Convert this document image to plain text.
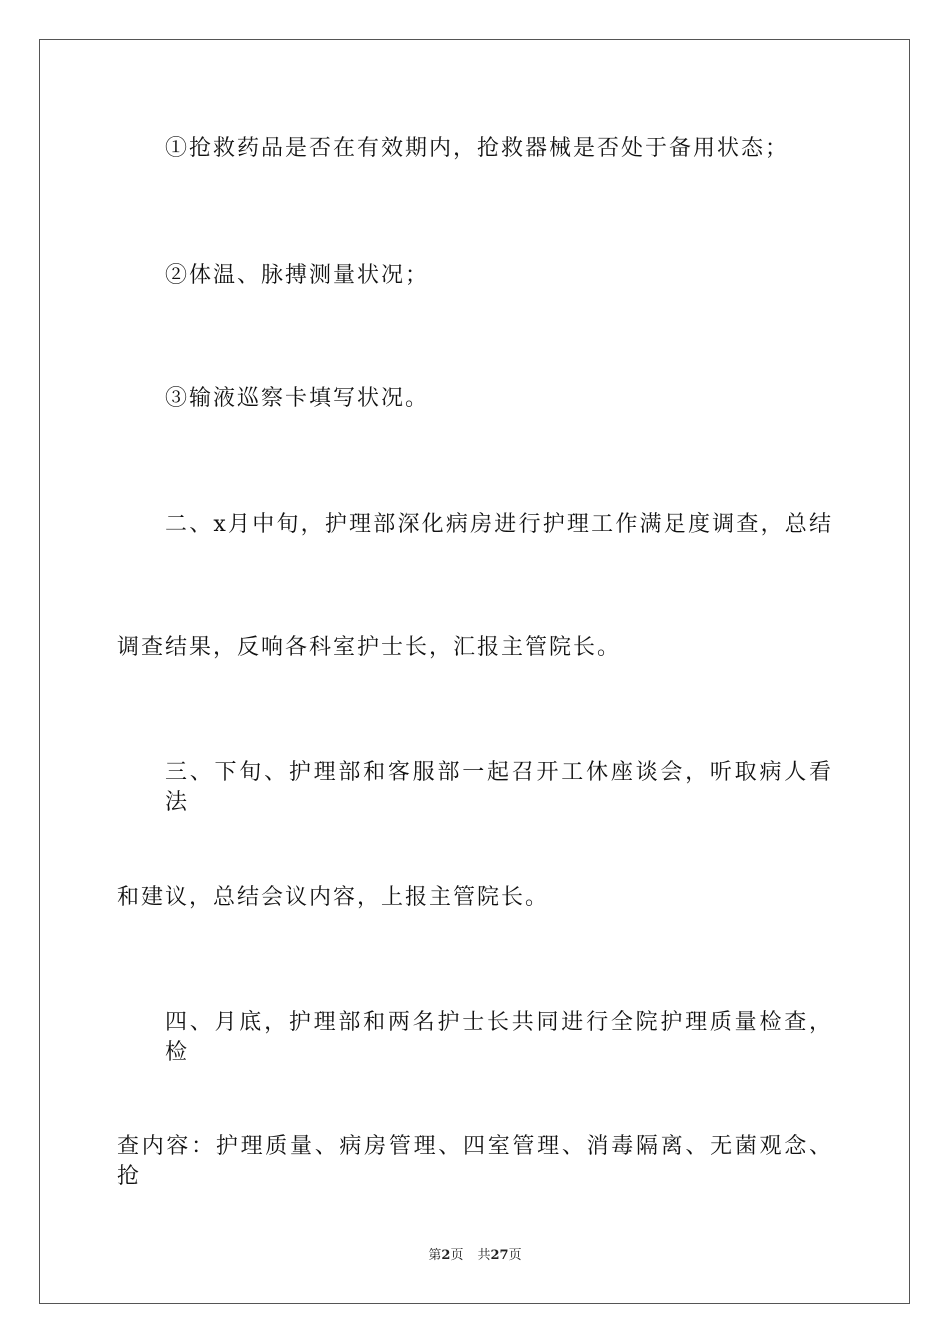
①抢救药品是否在有效期内，抢救器械是否处于备用状态；
②体温、脉搏测量状况；
③输液巡察卡填写状况。
二、x月中旬，护理部深化病房进行护理工作满足度调查，总结
调查结果，反响各科室护士长，汇报主管院长。
三、下旬、护理部和客服部一起召开工休座谈会，听取病人看法
和建议，总结会议内容，上报主管院长。
四、月底，护理部和两名护士长共同进行全院护理质量检查，检
查内容：护理质量、病房管理、四室管理、消毒隔离、无菌观念、抢
第2页 共27页
